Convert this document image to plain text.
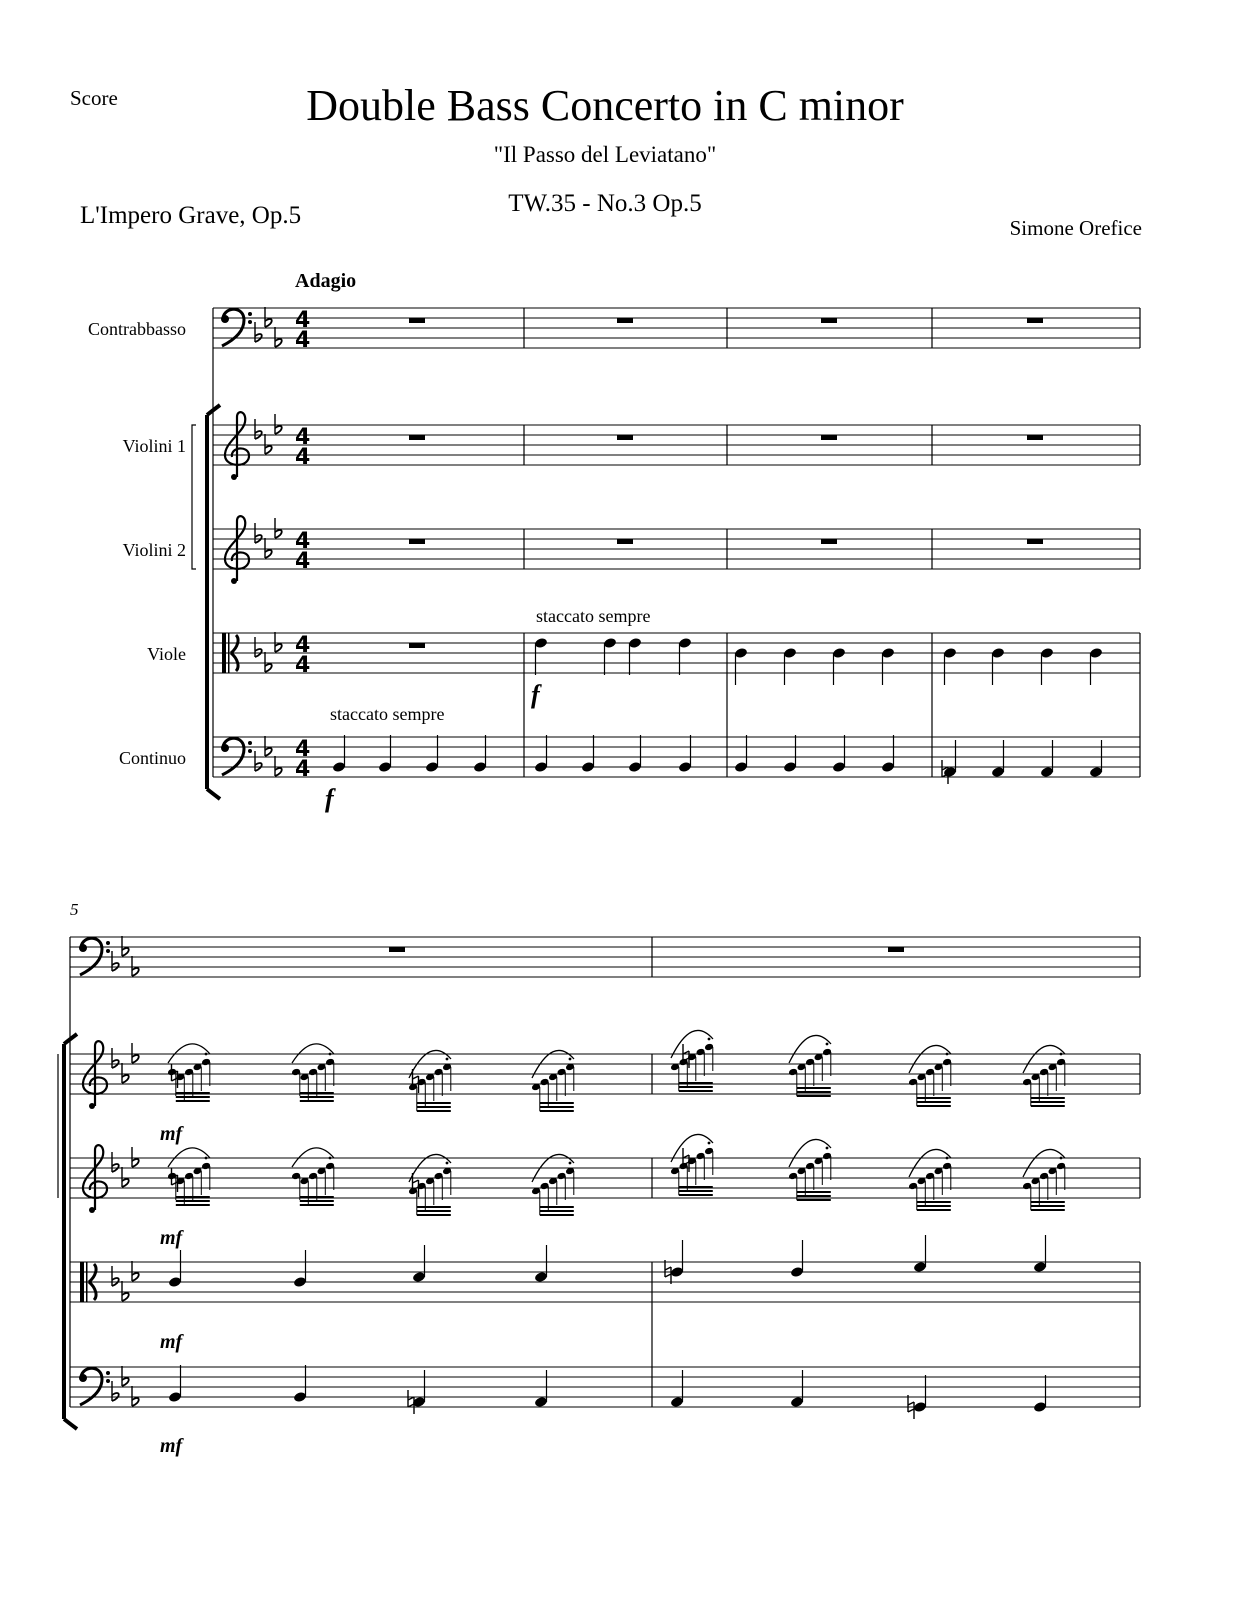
Score	Double Bass Concerto in C minor
"Il Passo del Leviatano"
TW.35 - No.3 Op.5
L'Impero Grave, Op.5	Simone Orefice
4
4
4
4
4
4
4
4
4
4
Adagio
Contrabbasso
Violini 1
Violini 2
Viole
Continuo
staccato sempre
staccato sempre
f
f
5
mf
mf
mf
mf
